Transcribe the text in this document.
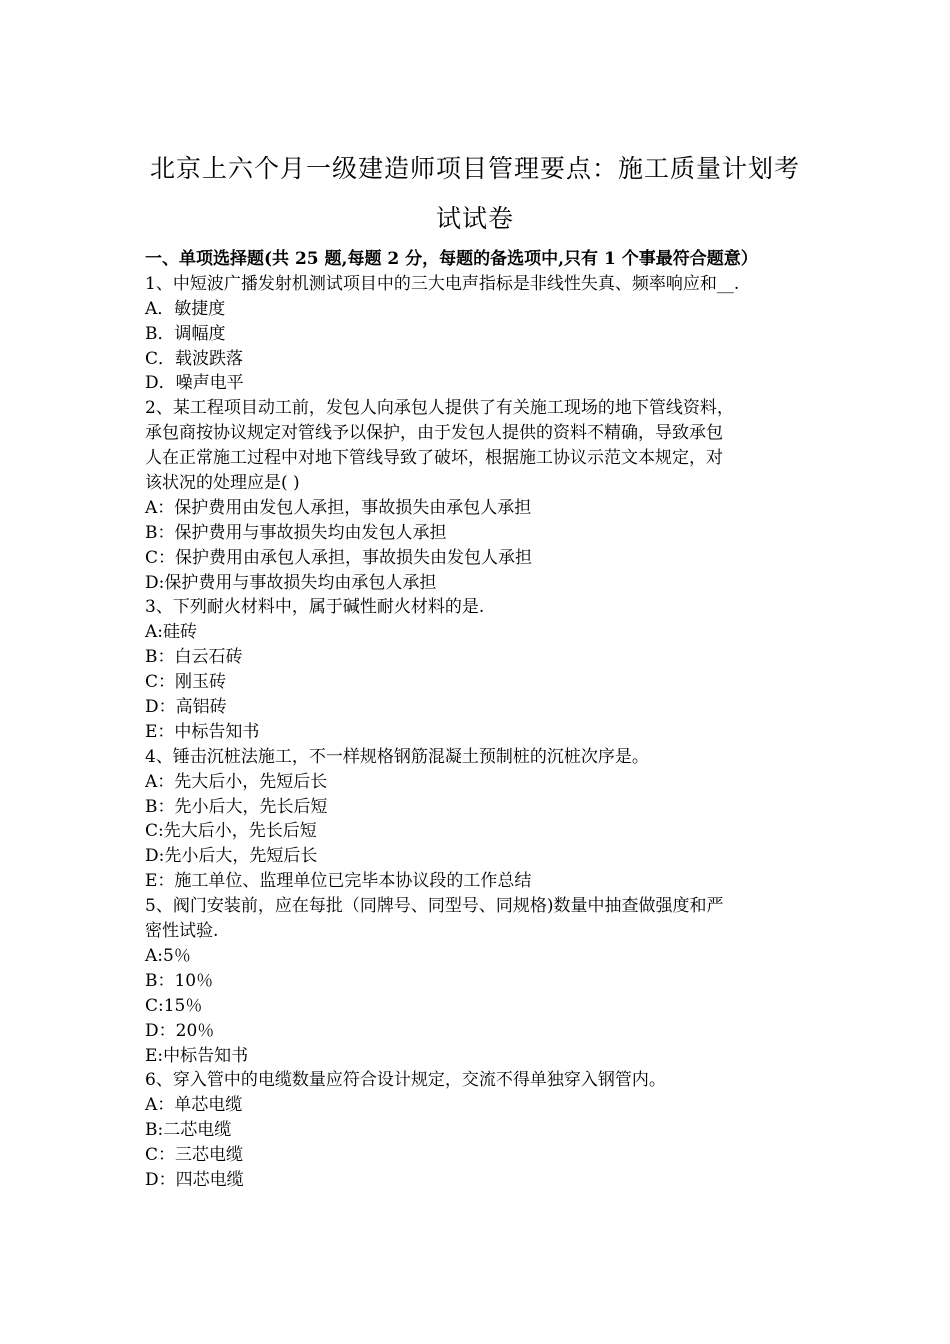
北京上六个月一级建造师项目管理要点：施工质量计划考
试试卷
一、单项选择题(共 25 题,每题 2 分，每题的备选项中,只有 1 个事最符合题意）
1、中短波广播发射机测试项目中的三大电声指标是非线性失真、频率响应和__.
A．敏捷度
B．调幅度
C．载波跌落
D．噪声电平
2、某工程项目动工前，发包人向承包人提供了有关施工现场的地下管线资料，
承包商按协议规定对管线予以保护，由于发包人提供的资料不精确，导致承包
人在正常施工过程中对地下管线导致了破坏，根据施工协议示范文本规定，对
该状况的处理应是( )
A：保护费用由发包人承担，事故损失由承包人承担
B：保护费用与事故损失均由发包人承担
C：保护费用由承包人承担，事故损失由发包人承担
D:保护费用与事故损失均由承包人承担
3、下列耐火材料中，属于碱性耐火材料的是.
A:硅砖
B：白云石砖
C：刚玉砖
D：高铝砖
E：中标告知书
4、锤击沉桩法施工，不一样规格钢筋混凝土预制桩的沉桩次序是。
A：先大后小，先短后长
B：先小后大，先长后短
C:先大后小，先长后短
D:先小后大，先短后长
E：施工单位、监理单位已完毕本协议段的工作总结
5、阀门安装前，应在每批（同牌号、同型号、同规格)数量中抽查做强度和严
密性试验.
A:5％
B：10％
C:15％
D：20％
E:中标告知书
6、穿入管中的电缆数量应符合设计规定，交流不得单独穿入钢管内。
A：单芯电缆
B:二芯电缆
C：三芯电缆
D：四芯电缆
